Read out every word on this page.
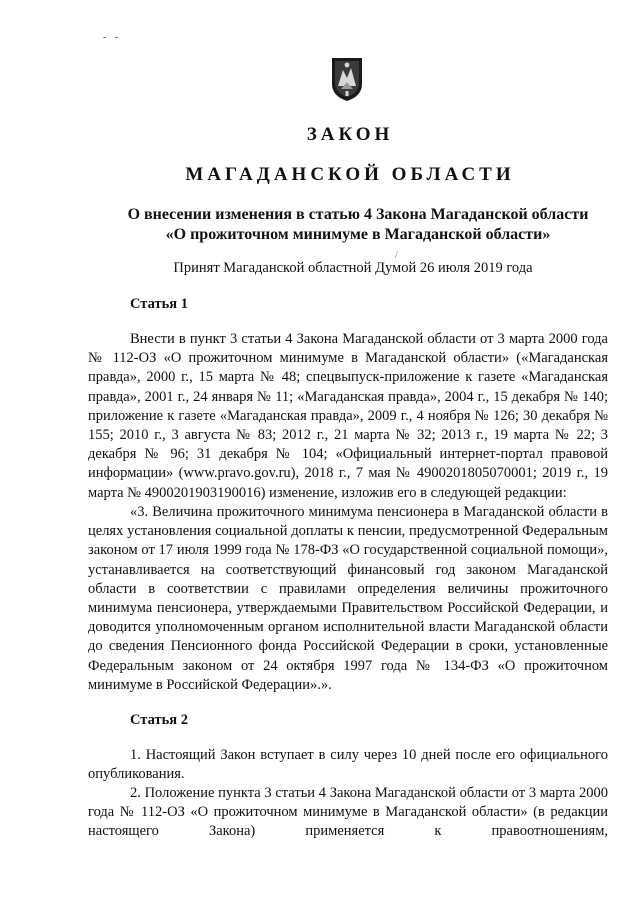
- -
ЗАКОН
МАГАДАНСКОЙ ОБЛАСТИ
О внесении изменения в статью 4 Закона Магаданской области
«О прожиточном минимуме в Магаданской области»
/
Принят Магаданской областной Думой 26 июля 2019 года
Статья 1

Внести в пункт 3 статьи 4 Закона Магаданской области от 3 марта 2000 года № 112-ОЗ «О прожиточном минимуме в Магаданской области» («Магаданская правда», 2000 г., 15 марта № 48; спецвыпуск-приложение к газете «Магаданская правда», 2001 г., 24 января № 11; «Магаданская правда», 2004 г., 15 декабря № 140; приложение к газете «Магаданская правда», 2009 г., 4 ноября № 126; 30 декабря № 155; 2010 г., 3 августа № 83; 2012 г., 21 марта № 32; 2013 г., 19 марта № 22; 3 декабря № 96; 31 декабря № 104; «Официальный интернет-портал правовой информации» (www.pravo.gov.ru), 2018 г., 7 мая № 4900201805070001; 2019 г., 19 марта № 4900201903190016) изменение, изложив его в следующей редакции:

«3. Величина прожиточного минимума пенсионера в Магаданской области в целях установления социальной доплаты к пенсии, предусмотренной Федеральным законом от 17 июля 1999 года № 178-ФЗ «О государственной социальной помощи», устанавливается на соответствующий финансовый год законом Магаданской области в соответствии с правилами определения величины прожиточного минимума пенсионера, утверждаемыми Правительством Российской Федерации, и доводится уполномоченным органом исполнительной власти Магаданской области до сведения Пенсионного фонда Российской Федерации в сроки, установленные Федеральным законом от 24 октября 1997 года № 134-ФЗ «О прожиточном минимуме в Российской Федерации».».

Статья 2

1. Настоящий Закон вступает в силу через 10 дней после его официального опубликования.

2. Положение пункта 3 статьи 4 Закона Магаданской области от 3 марта 2000 года № 112-ОЗ «О прожиточном минимуме в Магаданской области» (в редакции настоящего Закона) применяется к правоотношениям,
